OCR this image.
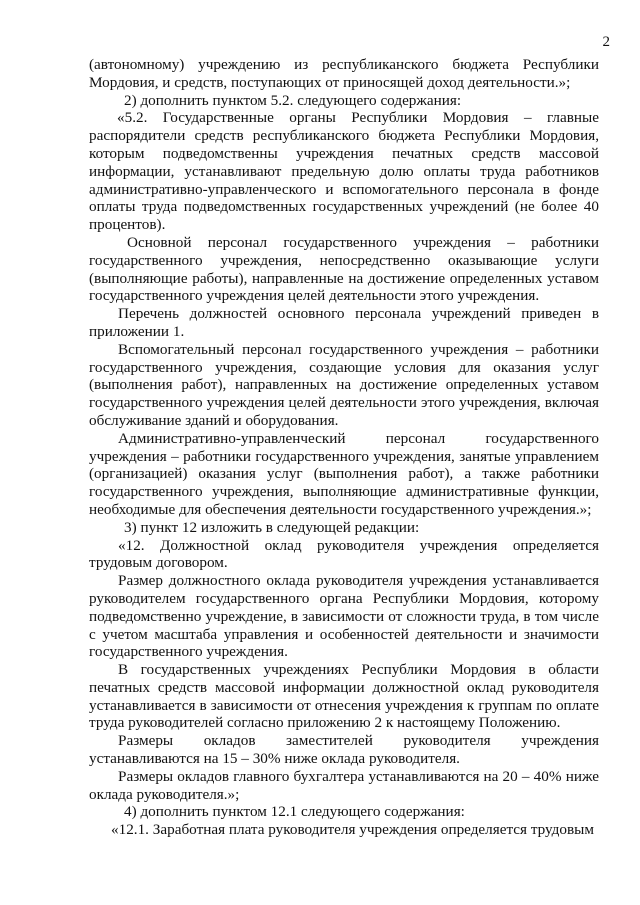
2

(автономному) учреждению из республиканского бюджета Республики Мордовия, и средств, поступающих от приносящей доход деятельности.»;

2) дополнить пунктом 5.2. следующего содержания:

«5.2. Государственные органы Республики Мордовия – главные распорядители средств республиканского бюджета Республики Мордовия, которым подведомственны учреждения печатных средств массовой информации, устанавливают предельную долю оплаты труда работников административно-управленческого и вспомогательного персонала в фонде оплаты труда подведомственных государственных учреждений (не более 40 процентов).

Основной персонал государственного учреждения – работники государственного учреждения, непосредственно оказывающие услуги (выполняющие работы), направленные на достижение определенных уставом государственного учреждения целей деятельности этого учреждения.

Перечень должностей основного персонала учреждений приведен в приложении 1.

Вспомогательный персонал государственного учреждения – работники государственного учреждения, создающие условия для оказания услуг (выполнения работ), направленных на достижение определенных уставом государственного учреждения целей деятельности этого учреждения, включая обслуживание зданий и оборудования.

Административно-управленческий персонал государственного учреждения – работники государственного учреждения, занятые управлением (организацией) оказания услуг (выполнения работ), а также работники государственного учреждения, выполняющие административные функции, необходимые для обеспечения деятельности государственного учреждения.»;

3) пункт 12 изложить в следующей редакции:

«12. Должностной оклад руководителя учреждения определяется трудовым договором.

Размер должностного оклада руководителя учреждения устанавливается руководителем государственного органа Республики Мордовия, которому подведомственно учреждение, в зависимости от сложности труда, в том числе с учетом масштаба управления и особенностей деятельности и значимости государственного учреждения.

В государственных учреждениях Республики Мордовия в области печатных средств массовой информации должностной оклад руководителя устанавливается в зависимости от отнесения учреждения к группам по оплате труда руководителей согласно приложению 2 к настоящему Положению.

Размеры окладов заместителей руководителя учреждения устанавливаются на 15 – 30% ниже оклада руководителя.

Размеры окладов главного бухгалтера устанавливаются на 20 – 40% ниже оклада руководителя.»;

4) дополнить пунктом 12.1 следующего содержания:

«12.1. Заработная плата руководителя учреждения определяется трудовым
